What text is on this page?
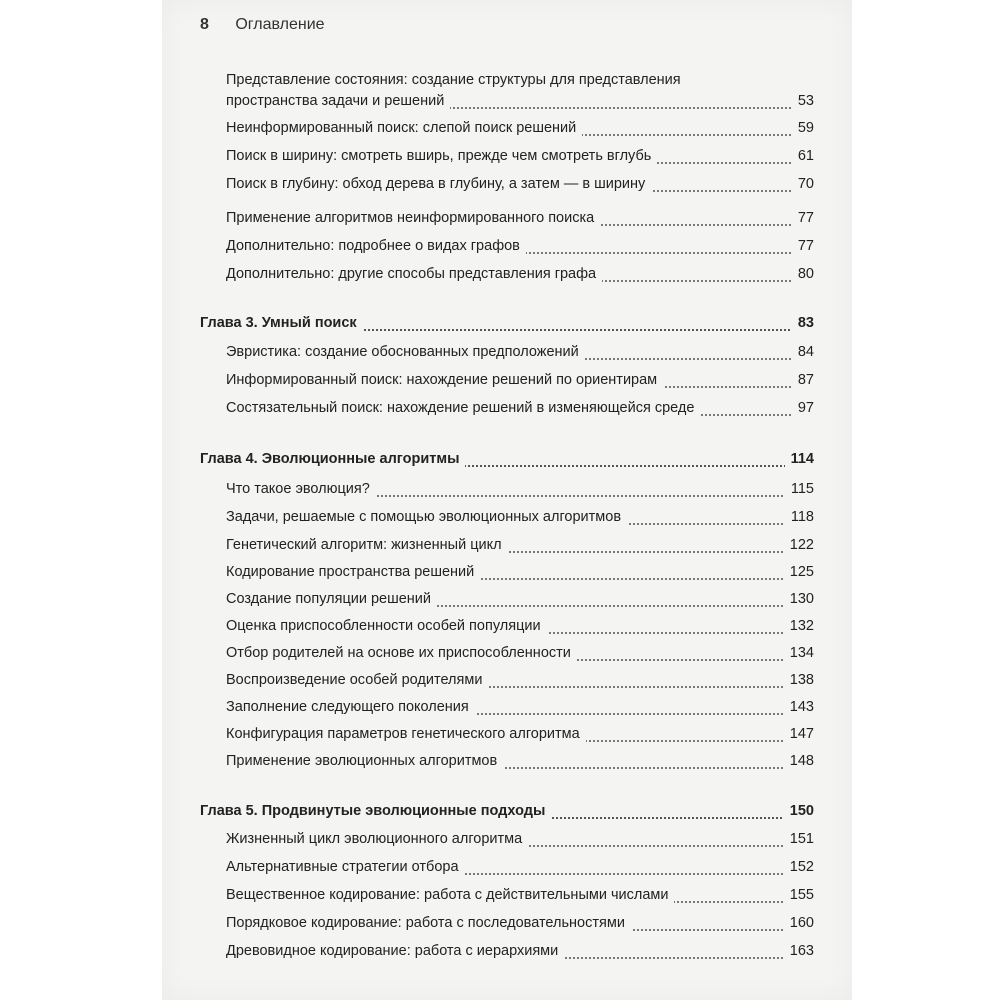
8 Оглавление
Представление состояния: создание структуры для представления
пространства задачи и решений	53
Неинформированный поиск: слепой поиск решений	59
Поиск в ширину: смотреть вширь, прежде чем смотреть вглубь	61
Поиск в глубину: обход дерева в глубину, а затем — в ширину	70
Применение алгоритмов неинформированного поиска	77
Дополнительно: подробнее о видах графов	77
Дополнительно: другие способы представления графа	80
Глава 3. Умный поиск	83
Эвристика: создание обоснованных предположений	84
Информированный поиск: нахождение решений по ориентирам	87
Состязательный поиск: нахождение решений в изменяющейся среде	97
Глава 4. Эволюционные алгоритмы	114
Что такое эволюция?	115
Задачи, решаемые с помощью эволюционных алгоритмов	118
Генетический алгоритм: жизненный цикл	122
Кодирование пространства решений	125
Создание популяции решений	130
Оценка приспособленности особей популяции	132
Отбор родителей на основе их приспособленности	134
Воспроизведение особей родителями	138
Заполнение следующего поколения	143
Конфигурация параметров генетического алгоритма	147
Применение эволюционных алгоритмов	148
Глава 5. Продвинутые эволюционные подходы	150
Жизненный цикл эволюционного алгоритма	151
Альтернативные стратегии отбора	152
Вещественное кодирование: работа с действительными числами	155
Порядковое кодирование: работа с последовательностями	160
Древовидное кодирование: работа с иерархиями	163
